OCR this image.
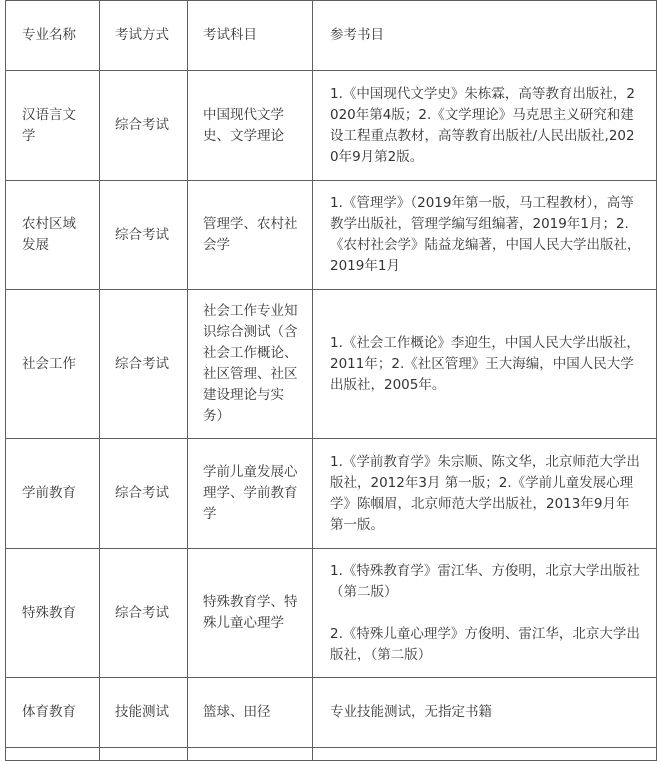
专业名称	考试方式	考试科目	参考书目
汉语言文学	综合考试	中国现代文学史、文学理论	1.《中国现代文学史》朱栋霖，高等教育出版社，2020年第4版；2.《文学理论》马克思主义研究和建设工程重点教材，高等教育出版社/人民出版社,2020年9月第2版。

农村区域发展	综合考试	管理学、农村社会学	1.《管理学》（2019年第一版，马工程教材），高等教学出版社，管理学编写组编著，2019年1月；2.《农村社会学》陆益龙编著，中国人民大学出版社，2019年1月

社会工作	综合考试	社会工作专业知识综合测试（含社会工作概论、社区管理、社区建设理论与实务）	1.《社会工作概论》李迎生，中国人民大学出版社，2011年；2.《社区管理》王大海编，中国人民大学出版社，2005年。

学前教育	综合考试	学前儿童发展心理学、学前教育学	1.《学前教育学》朱宗顺、陈文华，北京师范大学出版社，2012年3月 第一版；2.《学前儿童发展心理学》陈帼眉，北京师范大学出版社，2013年9月年第一版。

特殊教育	综合考试	特殊教育学、特殊儿童心理学	1.《特殊教育学》雷江华、方俊明，北京大学出版社（第二版）
2.《特殊儿童心理学》方俊明、雷江华，北京大学出版社，（第二版）

体育教育	技能测试	篮球、田径	专业技能测试，无指定书籍
